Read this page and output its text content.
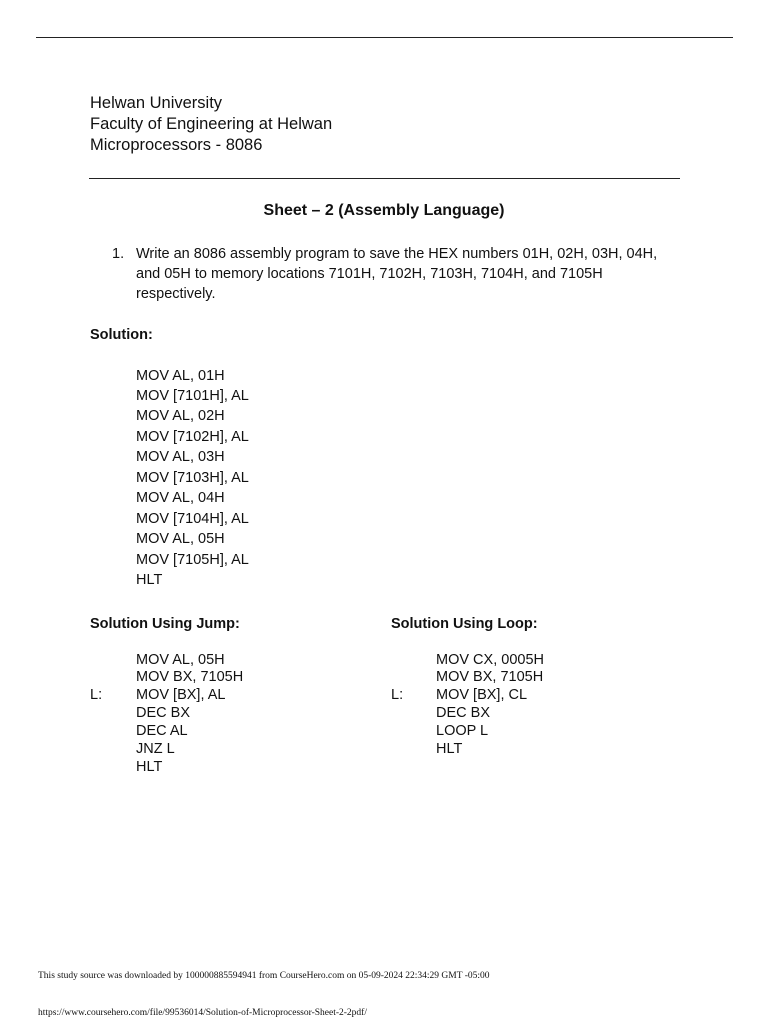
Helwan University
Faculty of Engineering at Helwan
Microprocessors - 8086
Sheet – 2 (Assembly Language)
1. Write an 8086 assembly program to save the HEX numbers 01H, 02H, 03H, 04H,
and 05H to memory locations 7101H, 7102H, 7103H, 7104H, and 7105H
respectively.
Solution:
MOV AL, 01H
MOV [7101H], AL
MOV AL, 02H
MOV [7102H], AL
MOV AL, 03H
MOV [7103H], AL
MOV AL, 04H
MOV [7104H], AL
MOV AL, 05H
MOV [7105H], AL
HLT
Solution Using Jump:
L:
MOV AL, 05H
MOV BX, 7105H
MOV [BX], AL
DEC BX
DEC AL
JNZ L
HLT
Solution Using Loop:
L:
MOV CX, 0005H
MOV BX, 7105H
MOV [BX], CL
DEC BX
LOOP L
HLT
This study source was downloaded by 100000885594941 from CourseHero.com on 05-09-2024 22:34:29 GMT -05:00
https://www.coursehero.com/file/99536014/Solution-of-Microprocessor-Sheet-2-2pdf/
